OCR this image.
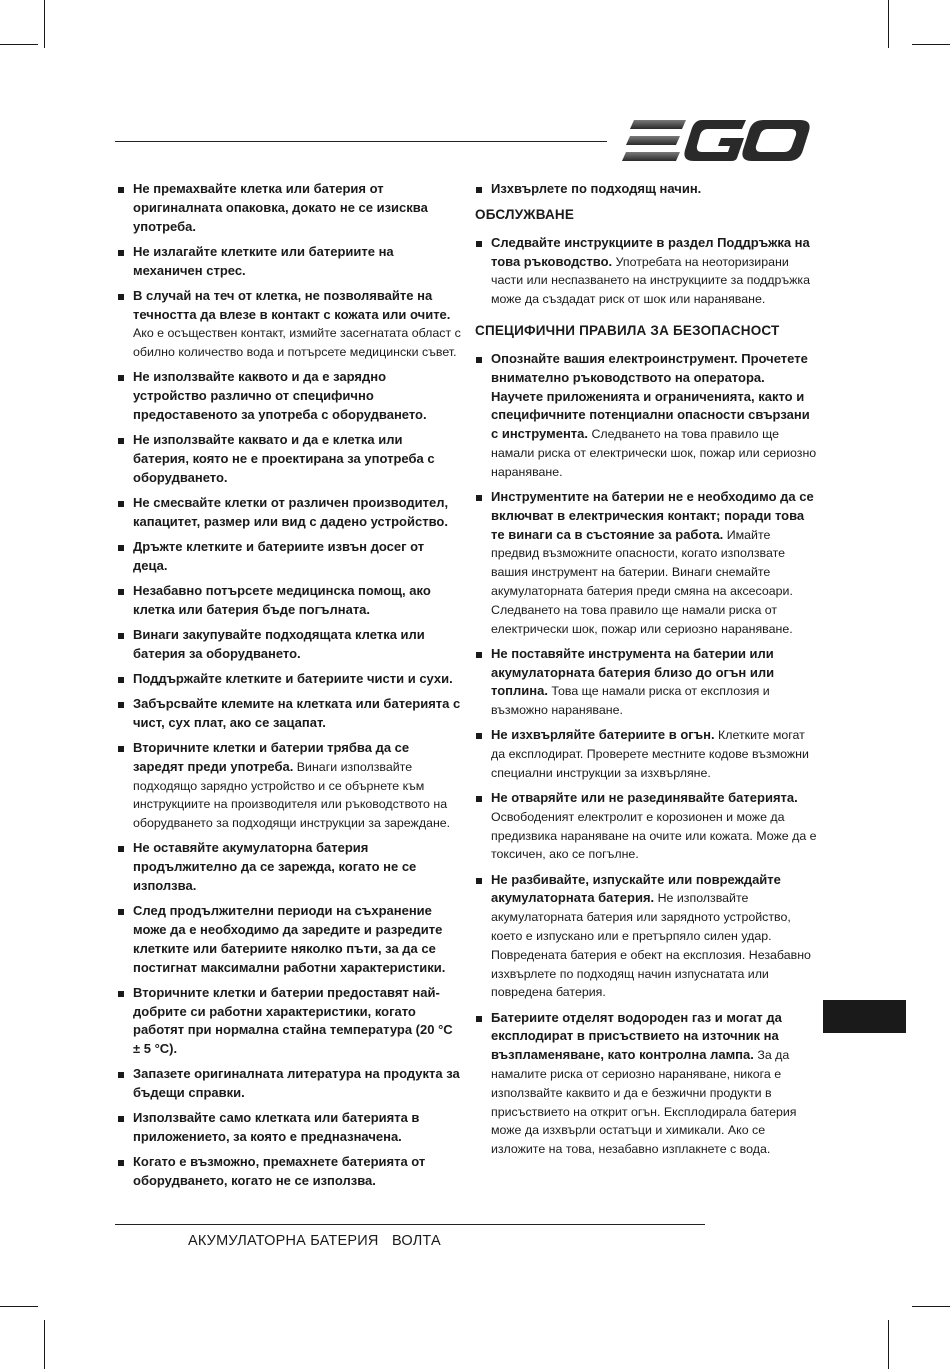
Не премахвайте клетка или батерия от оригиналната опаковка, докато не се изисква употреба.
Не излагайте клетките или батериите на механичен стрес.
В случай на теч от клетка, не позволявайте на течността да влезе в контакт с кожата или очите. Ако е осъществен контакт, измийте засегнатата област с обилно количество вода и потърсете медицински съвет.
Не използвайте каквото и да е зарядно устройство различно от специфично предоставеното за употреба с оборудването.
Не използвайте каквато и да е клетка или батерия, която не е проектирана за употреба с оборудването.
Не смесвайте клетки от различен производител, капацитет, размер или вид с дадено устройство.
Дръжте клетките и батериите извън досег от деца.
Незабавно потърсете медицинска помощ, ако клетка или батерия бъде погълната.
Винаги закупувайте подходящата клетка или батерия за оборудването.
Поддържайте клетките и батериите чисти и сухи.
Забърсвайте клемите на клетката или батерията с чист, сух плат, ако се зацапат.
Вторичните клетки и батерии трябва да се заредят преди употреба. Винаги използвайте подходящо зарядно устройство и се обърнете към инструкциите на производителя или ръководството на оборудването за подходящи инструкции за зареждане.
Не оставяйте акумулаторна батерия продължително да се зарежда, когато не се използва.
След продължителни периоди на съхранение може да е необходимо да заредите и разредите клетките или батериите няколко пъти, за да се постигнат максимални работни характеристики.
Вторичните клетки и батерии предоставят най-добрите си работни характеристики, когато работят при нормална стайна температура (20 °C ± 5 °C).
Запазете оригиналната литература на продукта за бъдещи справки.
Използвайте само клетката или батерията в приложението, за която е предназначена.
Когато е възможно, премахнете батерията от оборудването, когато не се използва.
Изхвърлете по подходящ начин.
ОБСЛУЖВАНЕ
Следвайте инструкциите в раздел Поддръжка на това ръководство. Употребата на неоторизирани части или неспазването на инструкциите за поддръжка може да създадат риск от шок или нараняване.
СПЕЦИФИЧНИ ПРАВИЛА ЗА БЕЗОПАСНОСТ
Опознайте вашия електроинструмент. Прочетете внимателно ръководството на оператора. Научете приложенията и ограниченията, както и специфичните потенциални опасности свързани с инструмента. Следването на това правило ще намали риска от електрически шок, пожар или сериозно нараняване.
Инструментите на батерии не е необходимо да се включват в електрическия контакт; поради това те винаги са в състояние за работа. Имайте предвид възможните опасности, когато използвате вашия инструмент на батерии. Винаги снемайте акумулаторната батерия преди смяна на аксесоари. Следването на това правило ще намали риска от електрически шок, пожар или сериозно нараняване.
Не поставяйте инструмента на батерии или акумулаторната батерия близо до огън или топлина. Това ще намали риска от експлозия и възможно нараняване.
Не изхвърляйте батериите в огън. Клетките могат да експлодират. Проверете местните кодове възможни специални инструкции за изхвърляне.
Не отваряйте или не разединявайте батерията. Освободеният електролит е корозионен и може да предизвика нараняване на очите или кожата. Може да е токсичен, ако се погълне.
Не разбивайте, изпускайте или повреждайте акумулаторната батерия. Не използвайте акумулаторната батерия или зарядното устройство, което е изпускано или е претърпяло силен удар. Повредената батерия е обект на експлозия. Незабавно изхвърлете по подходящ начин изпуснатата или повредена батерия.
Батериите отделят водороден газ и могат да експлодират в присъствието на източник на възпламеняване, като контролна лампа. За да намалите риска от сериозно нараняване, никога е използвайте каквито и да е безжични продукти в присъствието на открит огън. Експлодирала батерия може да изхвърли остатъци и химикали. Ако се изложите на това, незабавно изплакнете с вода.
АКУМУЛАТОРНА БАТЕРИЯ ВОЛТА
